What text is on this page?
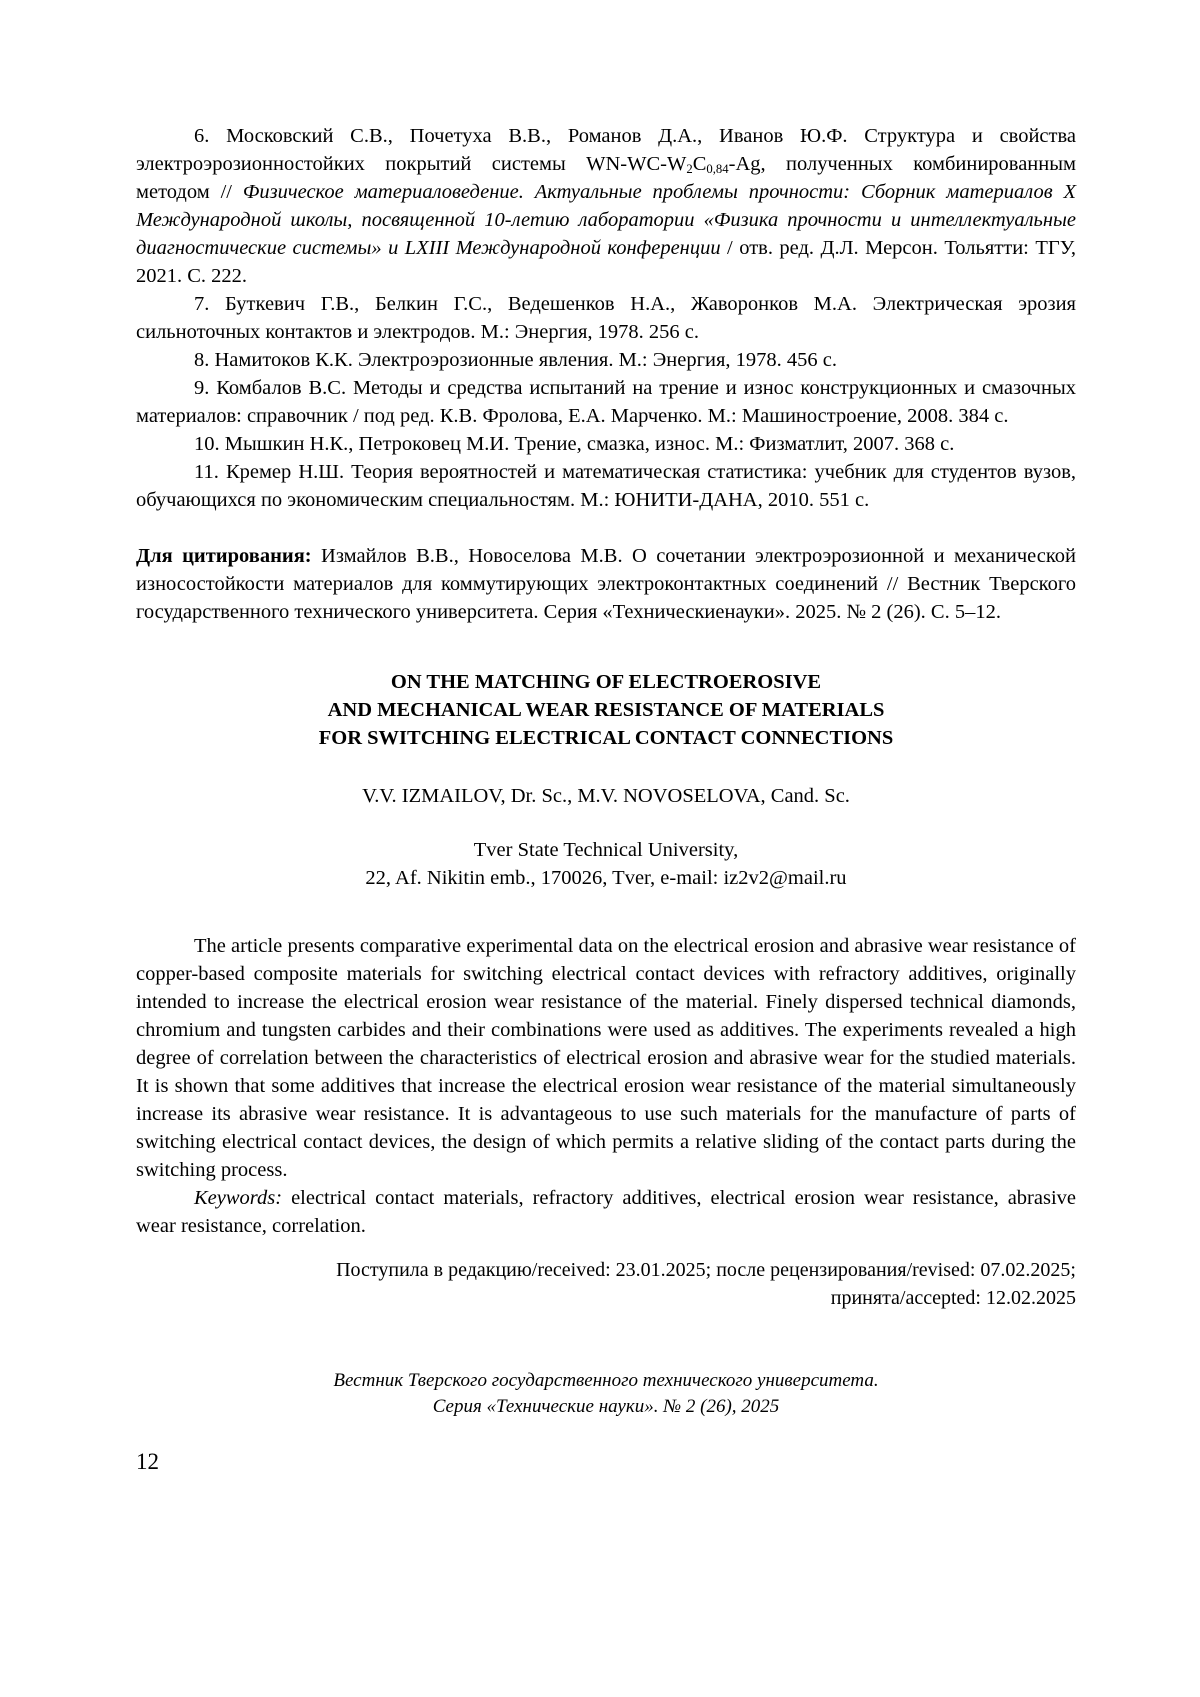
6. Московский С.В., Почетуха В.В., Романов Д.А., Иванов Ю.Ф. Структура и свойства электроэрозионностойких покрытий системы $WN-WC-W_2C_{0,84}-Ag$, полученных комбинированным методом // Физическое материаловедение. Актуальные проблемы прочности: Сборник материалов X Международной школы, посвященной 10-летию лаборатории «Физика прочности и интеллектуальные диагностические системы» и LXIII Международной конференции / отв. ред. Д.Л. Мерсон. Тольятти: ТГУ, 2021. С. 222.

7. Буткевич Г.В., Белкин Г.С., Ведешенков Н.А., Жаворонков М.А. Электрическая эрозия сильноточных контактов и электродов. М.: Энергия, 1978. 256 с.

8. Намитоков К.К. Электроэрозионные явления. М.: Энергия, 1978. 456 с.

9. Комбалов В.С. Методы и средства испытаний на трение и износ конструкционных и смазочных материалов: справочник / под ред. К.В. Фролова, Е.А. Марченко. М.: Машиностроение, 2008. 384 с.

10. Мышкин Н.К., Петроковец М.И. Трение, смазка, износ. М.: Физматлит, 2007. 368 с.

11. Кремер Н.Ш. Теория вероятностей и математическая статистика: учебник для студентов вузов, обучающихся по экономическим специальностям. М.: ЮНИТИ-ДАНА, 2010. 551 с.

Для цитирования: Измайлов В.В., Новоселова М.В. О сочетании электроэрозионной и механической износостойкости материалов для коммутирующих электроконтактных соединений // Вестник Тверского государственного технического университета. Серия «Техническиенауки». 2025. № 2 (26). С. 5–12.

ON THE MATCHING OF ELECTROEROSIVE
AND MECHANICAL WEAR RESISTANCE OF MATERIALS
FOR SWITCHING ELECTRICAL CONTACT CONNECTIONS

V.V. IZMAILOV, Dr. Sc., M.V. NOVOSELOVA, Cand. Sc.

Tver State Technical University,
22, Af. Nikitin emb., 170026, Tver, e-mail: iz2v2@mail.ru

The article presents comparative experimental data on the electrical erosion and abrasive wear resistance of copper-based composite materials for switching electrical contact devices with refractory additives, originally intended to increase the electrical erosion wear resistance of the material. Finely dispersed technical diamonds, chromium and tungsten carbides and their combinations were used as additives. The experiments revealed a high degree of correlation between the characteristics of electrical erosion and abrasive wear for the studied materials. It is shown that some additives that increase the electrical erosion wear resistance of the material simultaneously increase its abrasive wear resistance. It is advantageous to use such materials for the manufacture of parts of switching electrical contact devices, the design of which permits a relative sliding of the contact parts during the switching process.

Keywords: electrical contact materials, refractory additives, electrical erosion wear resistance, abrasive wear resistance, correlation.

Поступила в редакцию/received: 23.01.2025; после рецензирования/revised: 07.02.2025;
принята/accepted: 12.02.2025
Вестник Тверского государственного технического университета.
Серия «Технические науки». № 2 (26), 2025
12
